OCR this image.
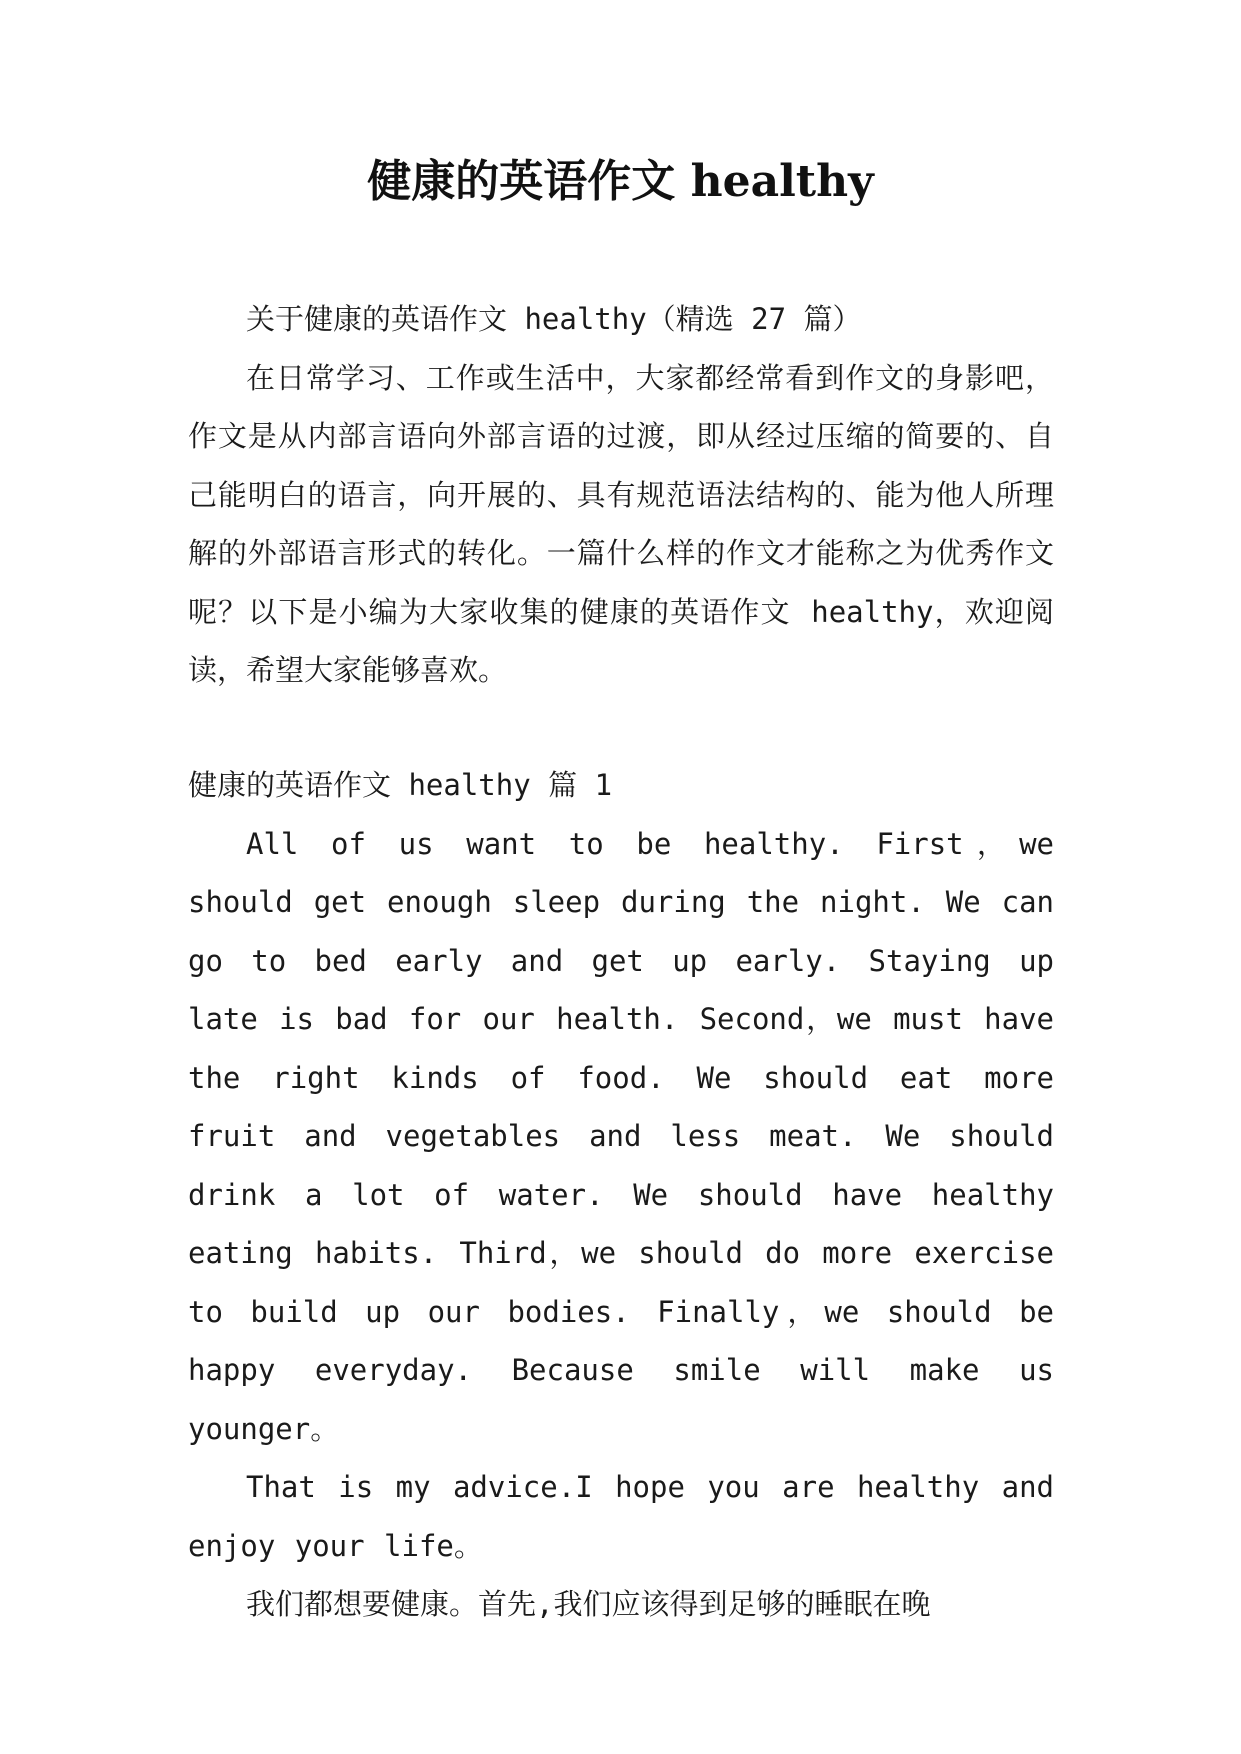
健康的英语作文 healthy

关于健康的英语作文 healthy（精选 27 篇）

在日常学习、工作或生活中，大家都经常看到作文的身影吧，作文是从内部言语向外部言语的过渡，即从经过压缩的简要的、自己能明白的语言，向开展的、具有规范语法结构的、能为他人所理解的外部语言形式的转化。一篇什么样的作文才能称之为优秀作文呢？以下是小编为大家收集的健康的英语作文 healthy，欢迎阅读，希望大家能够喜欢。

健康的英语作文 healthy 篇 1

All of us want to be healthy. First，we should get enough sleep during the night. We can go to bed early and get up early. Staying up late is bad for our health. Second，we must have the right kinds of food. We should eat more fruit and vegetables and less meat. We should drink a lot of water. We should have healthy eating habits. Third，we should do more exercise to build up our bodies. Finally，we should be happy everyday. Because smile will make us younger。

That is my advice.I hope you are healthy and enjoy your life。

我们都想要健康。首先,我们应该得到足够的睡眠在晚
